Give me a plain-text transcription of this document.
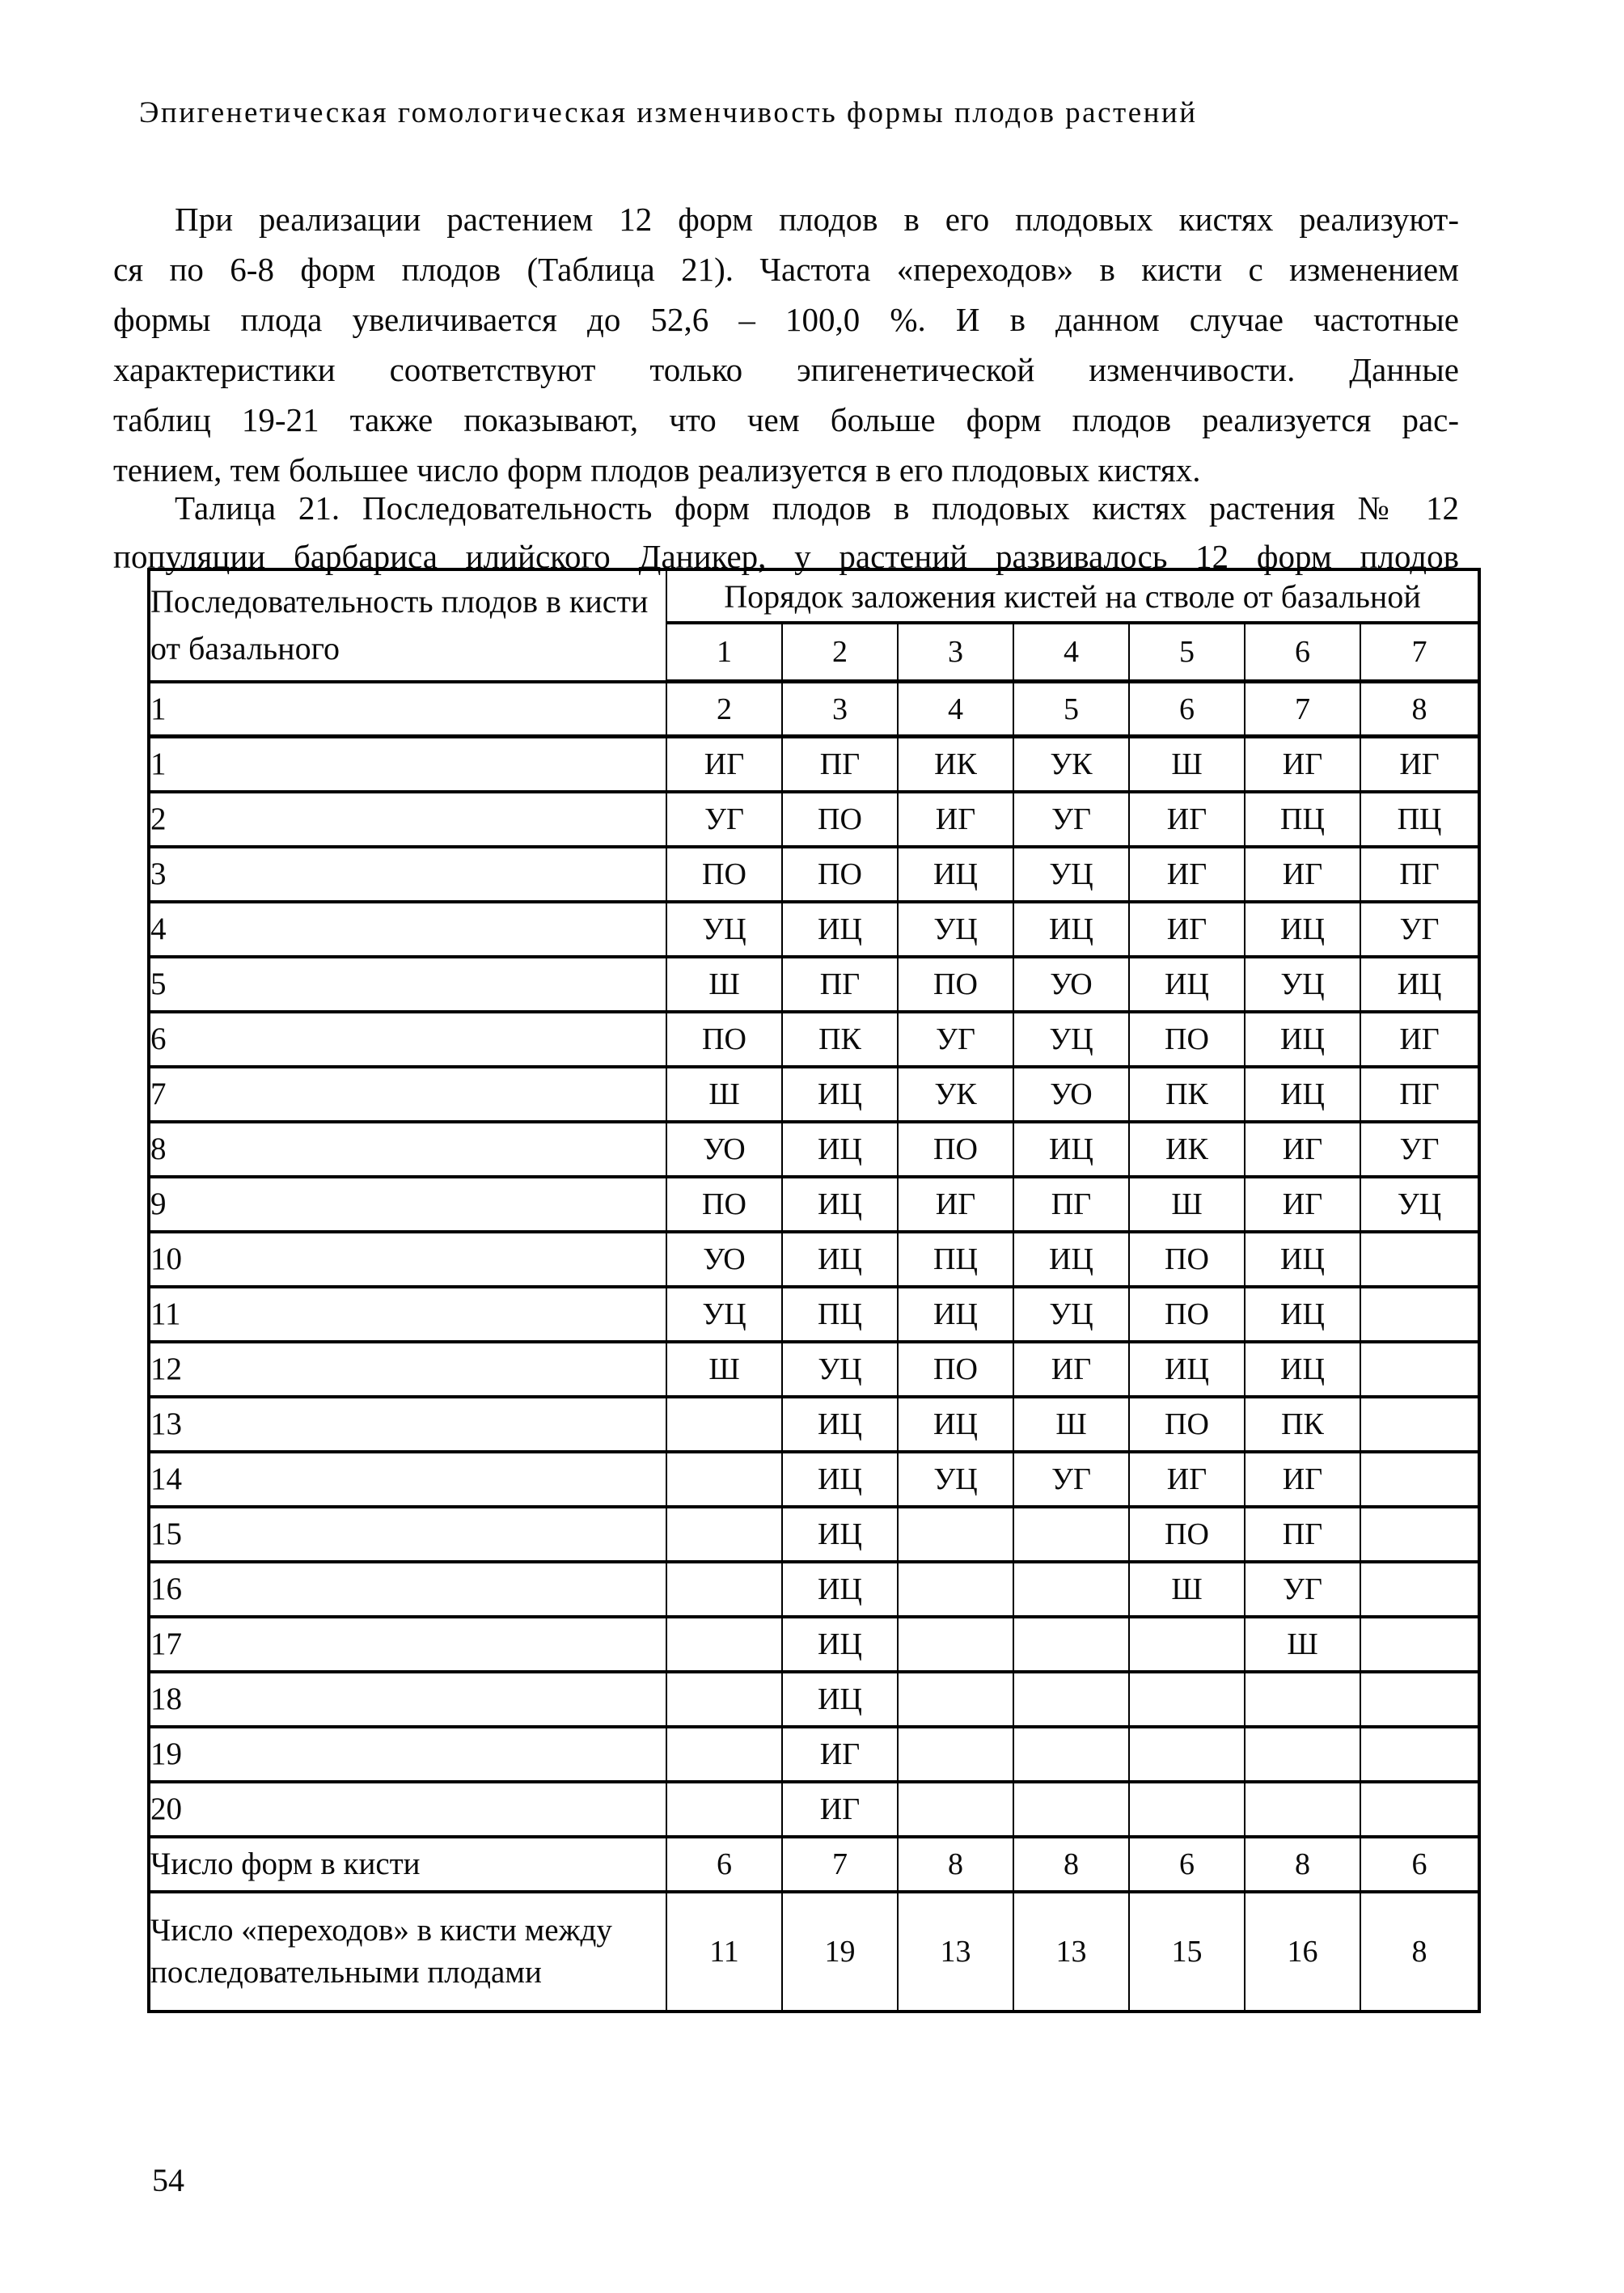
Эпигенетическая гомологическая изменчивость формы плодов растений
При реализации растением 12 форм плодов в его плодовых кистях реализуют-
ся по 6-8 форм плодов (Таблица 21). Частота «переходов» в кисти с изменением
формы плода увеличивается до 52,6 – 100,0 %. И в данном случае частотные
характеристики соответствуют только эпигенетической изменчивости. Данные
таблиц 19-21 также показывают, что чем больше форм плодов реализуется рас-
тением, тем большее число форм плодов реализуется в его плодовых кистях.
Талица 21. Последовательность форм плодов в плодовых кистях растения № 12
популяции барбариса илийского Даникер, у растений развивалось 12 форм плодов
Последовательность плодов в кисти от базального	Порядок заложения кистей на стволе от базальной						
	1	2	3	4	5	6	7
1	2	3	4	5	6	7	8
1	ИГ	ПГ	ИК	УК	Ш	ИГ	ИГ
2	УГ	ПО	ИГ	УГ	ИГ	ПЦ	ПЦ
3	ПО	ПО	ИЦ	УЦ	ИГ	ИГ	ПГ
4	УЦ	ИЦ	УЦ	ИЦ	ИГ	ИЦ	УГ
5	Ш	ПГ	ПО	УО	ИЦ	УЦ	ИЦ
6	ПО	ПК	УГ	УЦ	ПО	ИЦ	ИГ
7	Ш	ИЦ	УК	УО	ПК	ИЦ	ПГ
8	УО	ИЦ	ПО	ИЦ	ИК	ИГ	УГ
9	ПО	ИЦ	ИГ	ПГ	Ш	ИГ	УЦ
10	УО	ИЦ	ПЦ	ИЦ	ПО	ИЦ	
11	УЦ	ПЦ	ИЦ	УЦ	ПО	ИЦ	
12	Ш	УЦ	ПО	ИГ	ИЦ	ИЦ	
13		ИЦ	ИЦ	Ш	ПО	ПК	
14		ИЦ	УЦ	УГ	ИГ	ИГ	
15		ИЦ			ПО	ПГ	
16		ИЦ			Ш	УГ	
17		ИЦ				Ш	
18		ИЦ					
19		ИГ					
20		ИГ					
Число форм в кисти	6	7	8	8	6	8	6
Число «переходов» в кисти между последовательными плодами	11	19	13	13	15	16	8
54
